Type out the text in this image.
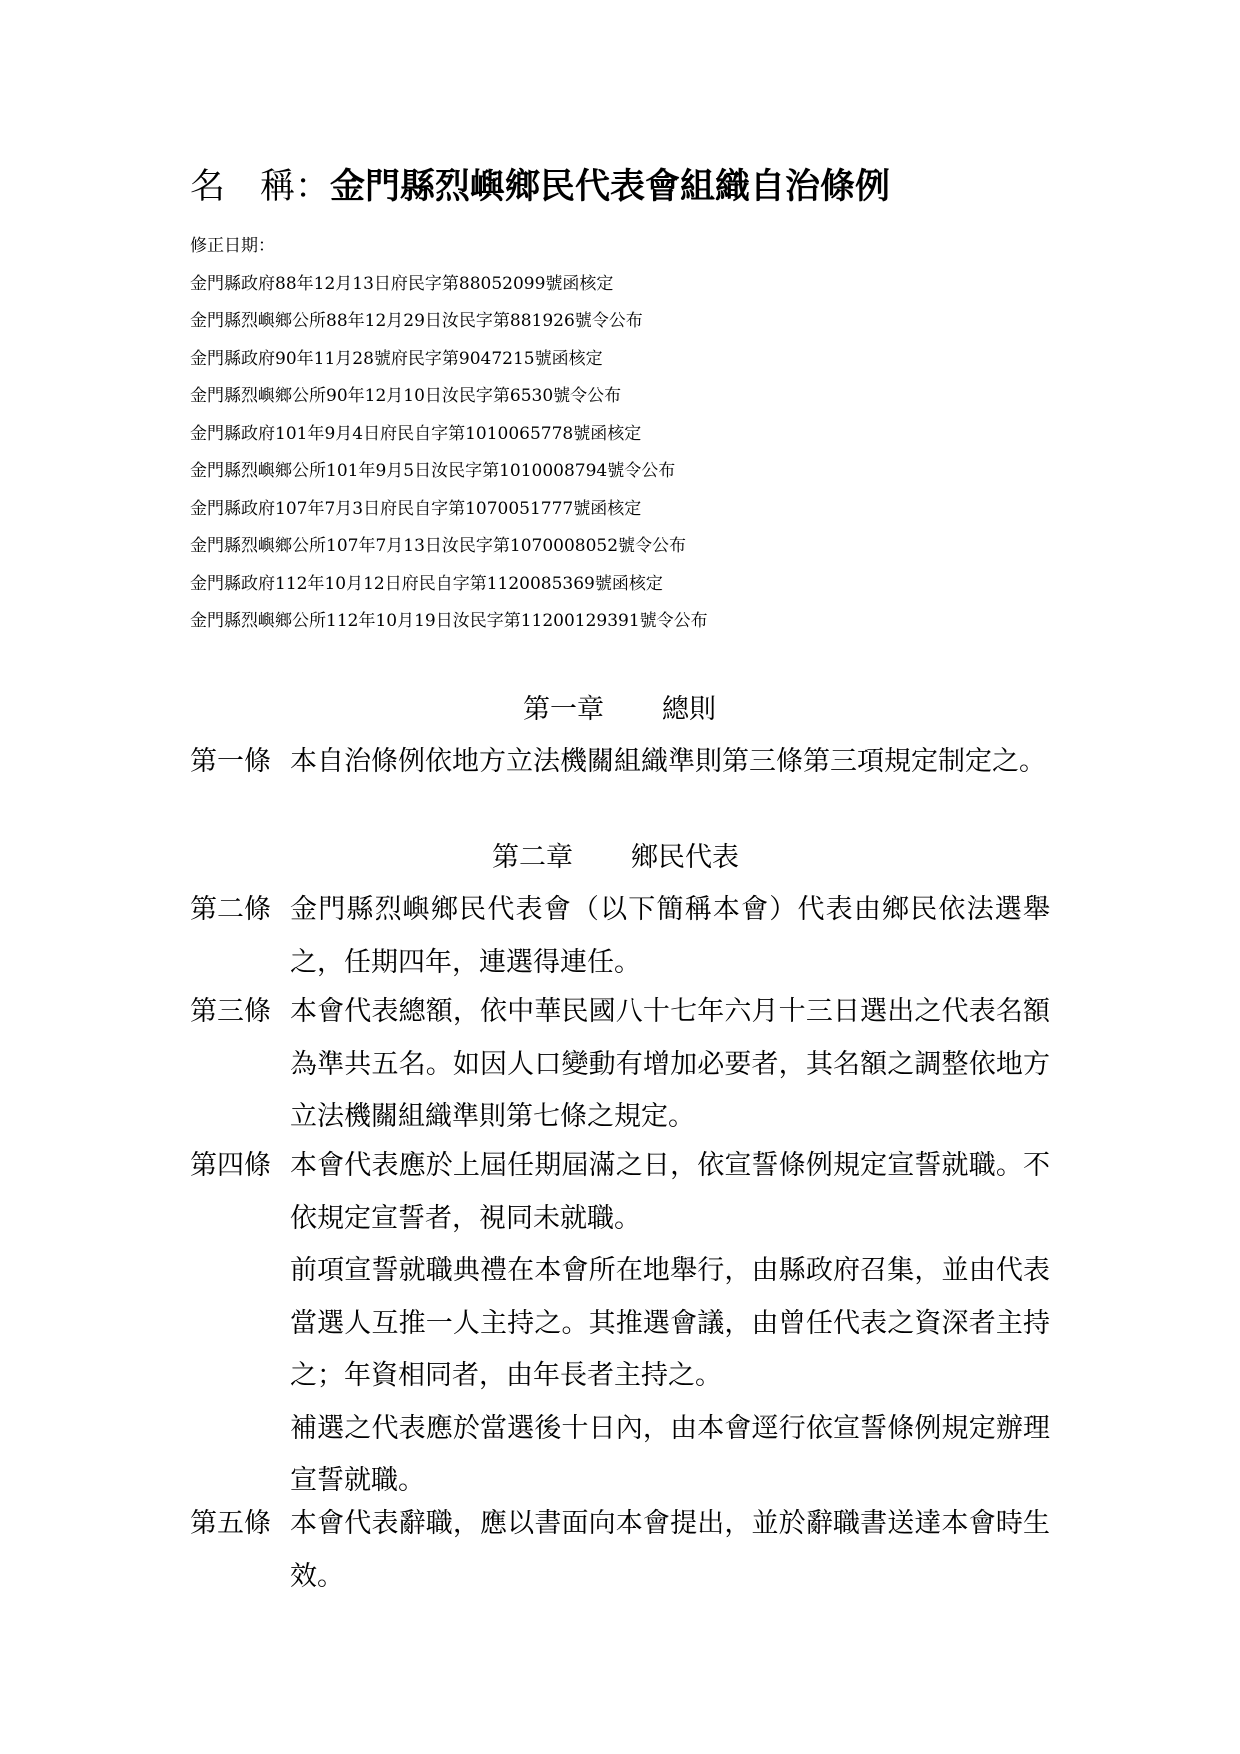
名　稱：金門縣烈嶼鄉民代表會組織自治條例
修正日期：
金門縣政府88年12月13日府民字第88052099號函核定
金門縣烈嶼鄉公所88年12月29日汝民字第881926號令公布
金門縣政府90年11月28號府民字第9047215號函核定
金門縣烈嶼鄉公所90年12月10日汝民字第6530號令公布
金門縣政府101年9月4日府民自字第1010065778號函核定
金門縣烈嶼鄉公所101年9月5日汝民字第1010008794號令公布
金門縣政府107年7月3日府民自字第1070051777號函核定
金門縣烈嶼鄉公所107年7月13日汝民字第1070008052號令公布
金門縣政府112年10月12日府民自字第1120085369號函核定
金門縣烈嶼鄉公所112年10月19日汝民字第11200129391號令公布
第一章 總則
第一條 本自治條例依地方立法機關組織準則第三條第三項規定制定之。
第二章 鄉民代表
第二條 金門縣烈嶼鄉民代表會（以下簡稱本會）代表由鄉民依法選舉之，任期四年，連選得連任。
第三條 本會代表總額，依中華民國八十七年六月十三日選出之代表名額為準共五名。如因人口變動有增加必要者，其名額之調整依地方立法機關組織準則第七條之規定。
第四條 本會代表應於上屆任期屆滿之日，依宣誓條例規定宣誓就職。不依規定宣誓者，視同未就職。
前項宣誓就職典禮在本會所在地舉行，由縣政府召集，並由代表當選人互推一人主持之。其推選會議，由曾任代表之資深者主持之；年資相同者，由年長者主持之。
補選之代表應於當選後十日內，由本會逕行依宣誓條例規定辦理宣誓就職。
第五條 本會代表辭職，應以書面向本會提出，並於辭職書送達本會時生效。
